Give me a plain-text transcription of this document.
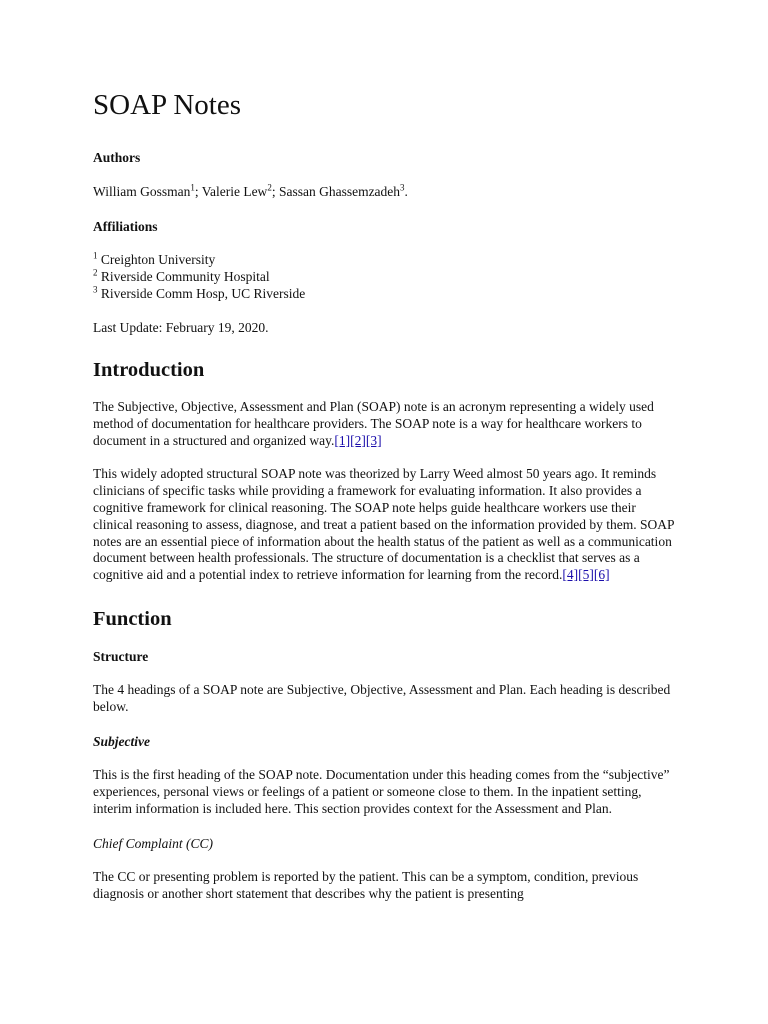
SOAP Notes
Authors

William Gossman$^1$; Valerie Lew$^2$; Sassan Ghassemzadeh$^3$.

Affiliations
$^1$ Creighton University
$^2$ Riverside Community Hospital
$^3$ Riverside Comm Hosp, UC Riverside

Last Update: February 19, 2020.

Introduction

The Subjective, Objective, Assessment and Plan (SOAP) note is an acronym representing a widely used method of documentation for healthcare providers. The SOAP note is a way for healthcare workers to document in a structured and organized way.[1][2][3]

This widely adopted structural SOAP note was theorized by Larry Weed almost 50 years ago. It reminds clinicians of specific tasks while providing a framework for evaluating information. It also provides a cognitive framework for clinical reasoning. The SOAP note helps guide healthcare workers use their clinical reasoning to assess, diagnose, and treat a patient based on the information provided by them. SOAP notes are an essential piece of information about the health status of the patient as well as a communication document between health professionals. The structure of documentation is a checklist that serves as a cognitive aid and a potential index to retrieve information for learning from the record.[4][5][6]

Function
Structure

The 4 headings of a SOAP note are Subjective, Objective, Assessment and Plan. Each heading is described below.

Subjective

This is the first heading of the SOAP note. Documentation under this heading comes from the “subjective” experiences, personal views or feelings of a patient or someone close to them. In the inpatient setting, interim information is included here. This section provides context for the Assessment and Plan.

Chief Complaint (CC)

The CC or presenting problem is reported by the patient. This can be a symptom, condition, previous diagnosis or another short statement that describes why the patient is presenting
